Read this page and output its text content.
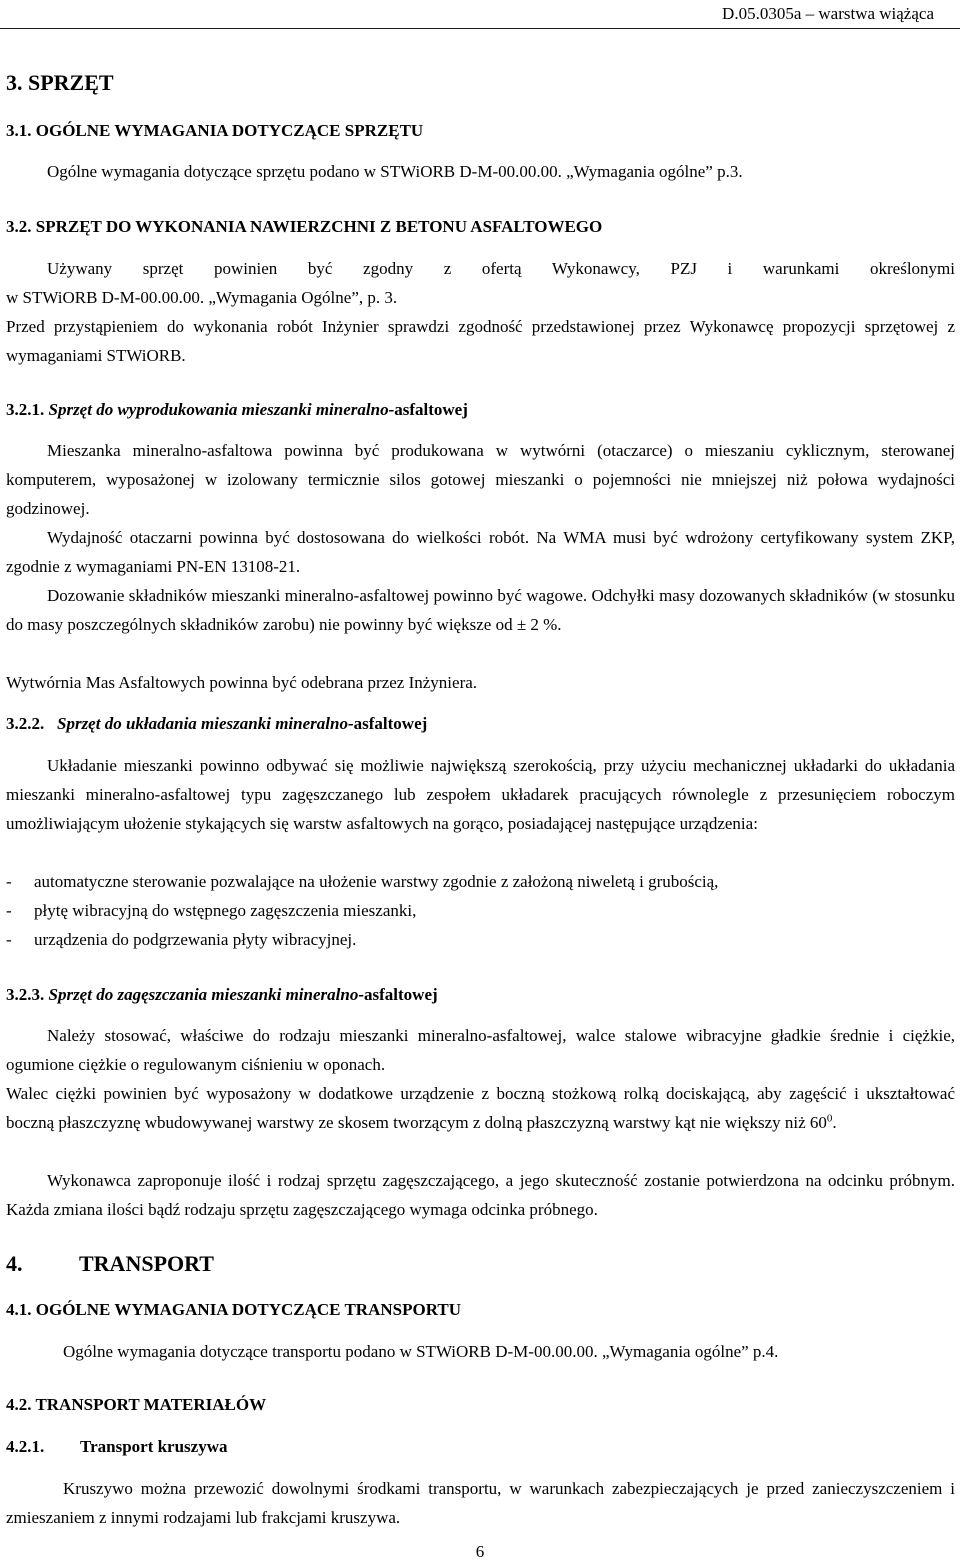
D.05.0305a – warstwa wiążąca
3. SPRZĘT
3.1. OGÓLNE WYMAGANIA DOTYCZĄCE SPRZĘTU

Ogólne wymagania dotyczące sprzętu podano w STWiORB D-M-00.00.00. „Wymagania ogólne” p.3.

3.2. SPRZĘT DO WYKONANIA NAWIERZCHNI Z BETONU ASFALTOWEGO

Używany sprzęt powinien być zgodny z ofertą Wykonawcy, PZJ i warunkami określonymi

w STWiORB D-M-00.00.00. „Wymagania Ogólne”, p. 3.

Przed przystąpieniem do wykonania robót Inżynier sprawdzi zgodność przedstawionej przez Wykonawcę propozycji sprzętowej z wymaganiami STWiORB.

3.2.1. Sprzęt do wyprodukowania mieszanki mineralno-asfaltowej

Mieszanka mineralno-asfaltowa powinna być produkowana w wytwórni (otaczarce) o mieszaniu cyklicznym, sterowanej komputerem, wyposażonej w izolowany termicznie silos gotowej mieszanki o pojemności nie mniejszej niż połowa wydajności godzinowej.

Wydajność otaczarni powinna być dostosowana do wielkości robót. Na WMA musi być wdrożony certyfikowany system ZKP, zgodnie z wymaganiami PN-EN 13108-21.

Dozowanie składników mieszanki mineralno-asfaltowej powinno być wagowe. Odchyłki masy dozowanych składników (w stosunku do masy poszczególnych składników zarobu) nie powinny być większe od ± 2 %.

Wytwórnia Mas Asfaltowych powinna być odebrana przez Inżyniera.

3.2.2. Sprzęt do układania mieszanki mineralno-asfaltowej

Układanie mieszanki powinno odbywać się możliwie największą szerokością, przy użyciu mechanicznej układarki do układania mieszanki mineralno-asfaltowej typu zagęszczanego lub zespołem układarek pracujących równolegle z przesunięciem roboczym umożliwiającym ułożenie stykających się warstw asfaltowych na gorąco, posiadającej następujące urządzenia:

- automatyczne sterowanie pozwalające na ułożenie warstwy zgodnie z założoną niweletą i grubością,

- płytę wibracyjną do wstępnego zagęszczenia mieszanki,

- urządzenia do podgrzewania płyty wibracyjnej.

3.2.3. Sprzęt do zagęszczania mieszanki mineralno-asfaltowej

Należy stosować, właściwe do rodzaju mieszanki mineralno-asfaltowej, walce stalowe wibracyjne gładkie średnie i ciężkie, ogumione ciężkie o regulowanym ciśnieniu w oponach.

Walec ciężki powinien być wyposażony w dodatkowe urządzenie z boczną stożkową rolką dociskającą, aby zagęścić i ukształtować boczną płaszczyznę wbudowywanej warstwy ze skosem tworzącym z dolną płaszczyzną warstwy kąt nie większy niż $60^0$.

Wykonawca zaproponuje ilość i rodzaj sprzętu zagęszczającego, a jego skuteczność zostanie potwierdzona na odcinku próbnym. Każda zmiana ilości bądź rodzaju sprzętu zagęszczającego wymaga odcinka próbnego.

4.	TRANSPORT
4.1. OGÓLNE WYMAGANIA DOTYCZĄCE TRANSPORTU

Ogólne wymagania dotyczące transportu podano w STWiORB D-M-00.00.00. „Wymagania ogólne” p.4.

4.2. TRANSPORT MATERIAŁÓW
4.2.1. Transport kruszywa

Kruszywo można przewozić dowolnymi środkami transportu, w warunkach zabezpieczających je przed zanieczyszczeniem i zmieszaniem z innymi rodzajami lub frakcjami kruszywa.

6
